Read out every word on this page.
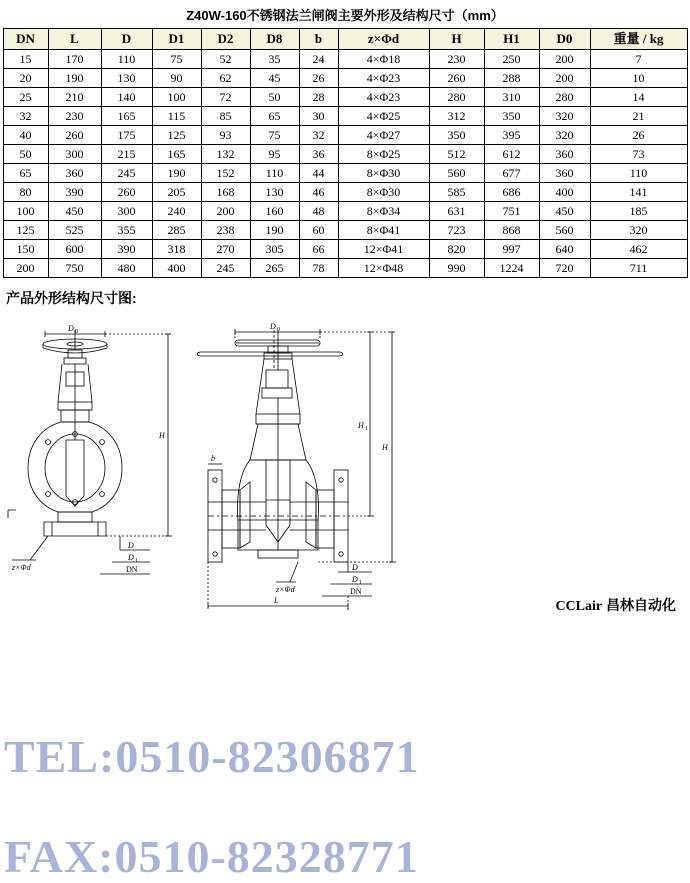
Z40W-160不锈钢法兰闸阀主要外形及结构尺寸（mm）
DN	L	D	D1	D2	D8	b	z×Φd	H	H1	D0	重量 / kg
15	170	110	75	52	35	24	4×Φ18	230	250	200	7
20	190	130	90	62	45	26	4×Φ23	260	288	200	10
25	210	140	100	72	50	28	4×Φ23	280	310	280	14
32	230	165	115	85	65	30	4×Φ25	312	350	320	21
40	260	175	125	93	75	32	4×Φ27	350	395	320	26
50	300	215	165	132	95	36	8×Φ25	512	612	360	73
65	360	245	190	152	110	44	8×Φ30	560	677	360	110
80	390	260	205	168	130	46	8×Φ30	585	686	400	141
100	450	300	240	200	160	48	8×Φ34	631	751	450	185
125	525	355	285	238	190	60	8×Φ41	723	868	560	320
150	600	390	318	270	305	66	12×Φ41	820	997	640	462
200	750	480	400	245	265	78	12×Φ48	990	1224	720	711
产品外形结构尺寸图:
D 0
H
D
D 1
DN
z×Φd
D 0
H
H 1
D
D 1
DN
z×Φd
L
b
TEL:0510-82306871
FAX:0510-82328771
CCLair 昌林自动化
